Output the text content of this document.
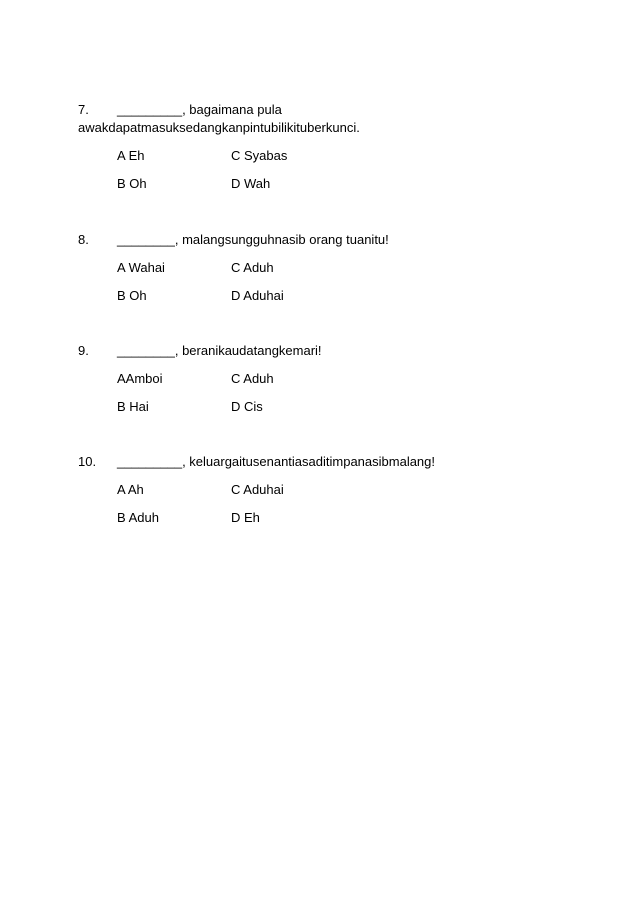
7. _________, bagaimana pula
awakdapatmasuksedangkanpintubilikituberkunci.
A Eh	C Syabas
B Oh	D Wah
8. ________, malangsungguhnasib orang tuanitu!
A Wahai	C Aduh
B Oh	D Aduhai
9. ________, beranikaudatangkemari!
AAmboi	C Aduh
B Hai	D Cis
10. _________, keluargaitusenantiasaditimpanasibmalang!
A Ah	C Aduhai
B Aduh	D Eh
